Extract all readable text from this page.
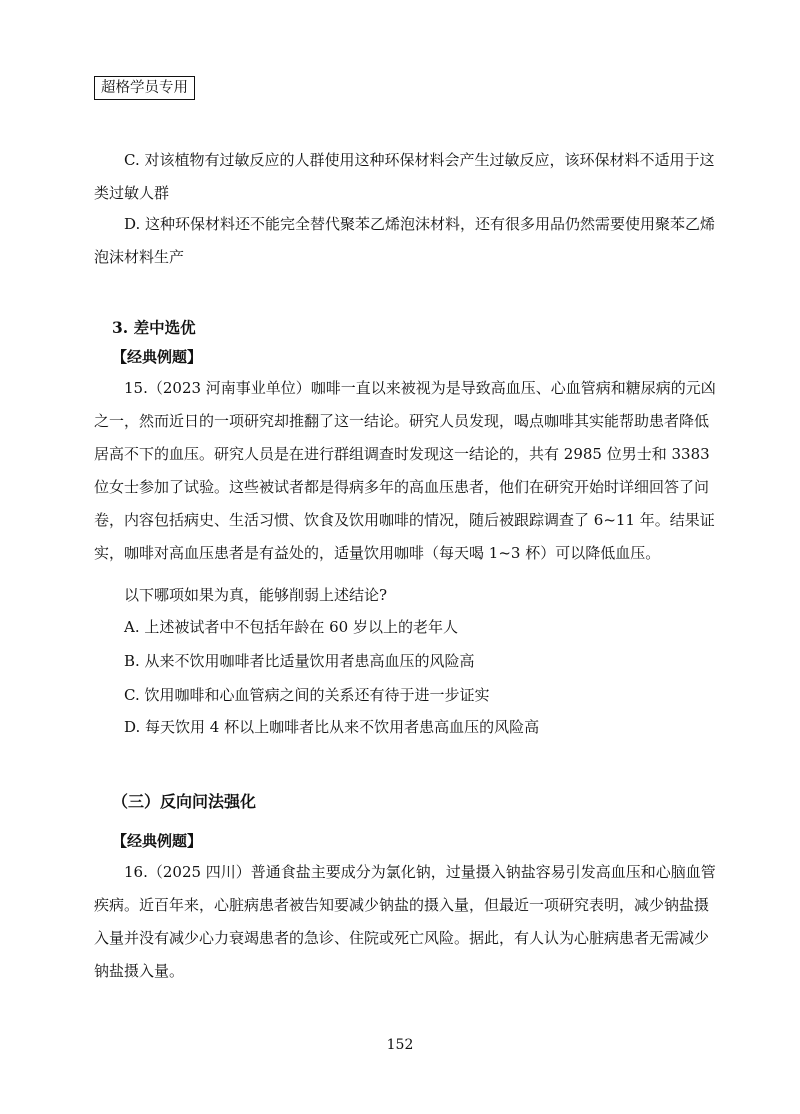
超格学员专用
C. 对该植物有过敏反应的人群使用这种环保材料会产生过敏反应，该环保材料不适用于这类过敏人群
D. 这种环保材料还不能完全替代聚苯乙烯泡沫材料，还有很多用品仍然需要使用聚苯乙烯泡沫材料生产
3. 差中选优
【经典例题】
15.（2023 河南事业单位）咖啡一直以来被视为是导致高血压、心血管病和糖尿病的元凶之一，然而近日的一项研究却推翻了这一结论。研究人员发现，喝点咖啡其实能帮助患者降低居高不下的血压。研究人员是在进行群组调查时发现这一结论的，共有 2985 位男士和 3383 位女士参加了试验。这些被试者都是得病多年的高血压患者，他们在研究开始时详细回答了问卷，内容包括病史、生活习惯、饮食及饮用咖啡的情况，随后被跟踪调查了 6~11 年。结果证实，咖啡对高血压患者是有益处的，适量饮用咖啡（每天喝 1~3 杯）可以降低血压。
以下哪项如果为真，能够削弱上述结论?
A. 上述被试者中不包括年龄在 60 岁以上的老年人
B. 从来不饮用咖啡者比适量饮用者患高血压的风险高
C. 饮用咖啡和心血管病之间的关系还有待于进一步证实
D. 每天饮用 4 杯以上咖啡者比从来不饮用者患高血压的风险高
（三）反向问法强化
【经典例题】
16.（2025 四川）普通食盐主要成分为氯化钠，过量摄入钠盐容易引发高血压和心脑血管疾病。近百年来，心脏病患者被告知要减少钠盐的摄入量，但最近一项研究表明，减少钠盐摄入量并没有减少心力衰竭患者的急诊、住院或死亡风险。据此，有人认为心脏病患者无需减少钠盐摄入量。
152
